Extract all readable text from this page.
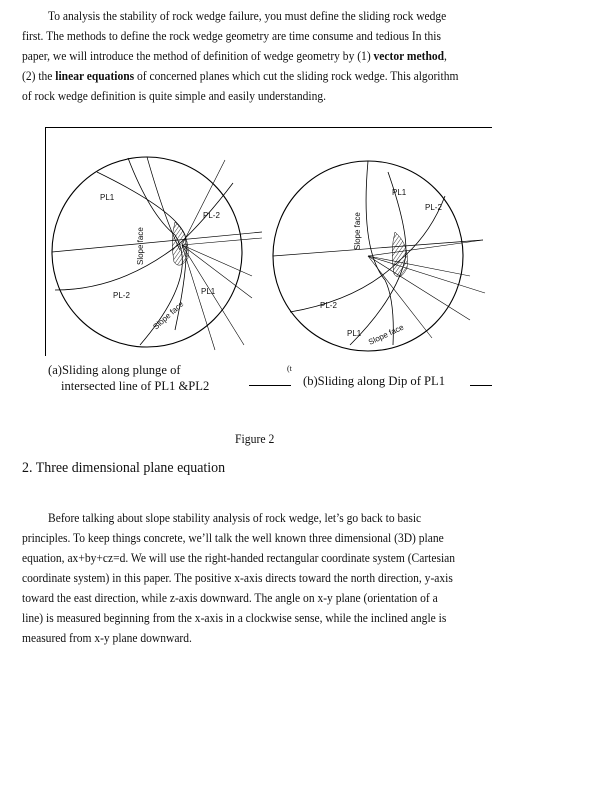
To analysis the stability of rock wedge failure, you must define the sliding rock wedge first. The methods to define the rock wedge geometry are time consume and tedious In this paper, we will introduce the method of definition of wedge geometry by (1) vector method, (2) the linear equations of concerned planes which cut the sliding rock wedge. This algorithm of rock wedge definition is quite simple and easily understanding.

PL1
PL-2
PL-2	PL1
Slope face
Slope face
PL1
PL-2
PL-2
PL1
Slope face
Slope face
(a)Sliding along plunge of
intersected line of PL1 &PL2
(t
(b)Sliding along Dip of PL1
Figure 2
2. Three dimensional plane equation

Before talking about slope stability analysis of rock wedge, let’s go back to basic principles. To keep things concrete, we’ll talk the well known three dimensional (3D) plane equation, ax+by+cz=d. We will use the right-handed rectangular coordinate system (Cartesian coordinate system) in this paper. The positive x-axis directs toward the north direction, y-axis toward the east direction, while z-axis downward. The angle on x-y plane (orientation of a line) is measured beginning from the x-axis in a clockwise sense, while the inclined angle is measured from x-y plane downward.
